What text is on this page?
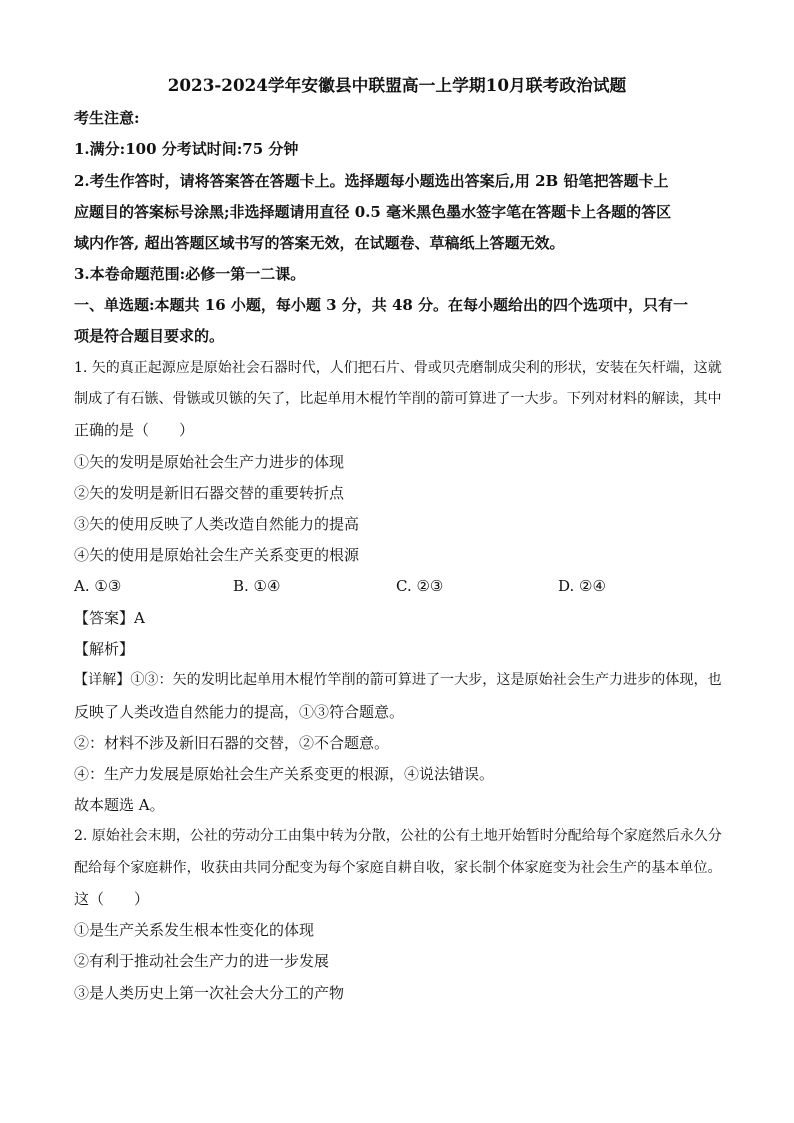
2023-2024学年安徽县中联盟高一上学期10月联考政治试题
考生注意:
1.满分:100 分考试时间:75 分钟
2.考生作答时，请将答案答在答题卡上。选择题每小题选出答案后,用 2B 铅笔把答题卡上
应题目的答案标号涂黑;非选择题请用直径 0.5 毫米黑色墨水签字笔在答题卡上各题的答区
域内作答, 超出答题区域书写的答案无效，在试题卷、草稿纸上答题无效。
3.本卷命题范围:必修一第一二课。
一、单选题:本题共 16 小题，每小题 3 分，共 48 分。在每小题给出的四个选项中，只有一
项是符合题目要求的。
1. 矢的真正起源应是原始社会石器时代，人们把石片、骨或贝壳磨制成尖利的形状，安装在矢杆端，这就
制成了有石镞、骨镞或贝镞的矢了，比起单用木棍竹竿削的箭可算进了一大步。下列对材料的解读，其中
正确的是（　　）
①矢的发明是原始社会生产力进步的体现
②矢的发明是新旧石器交替的重要转折点
③矢的使用反映了人类改造自然能力的提高
④矢的使用是原始社会生产关系变更的根源
A. ①③	B. ①④	C. ②③	D. ②④
【答案】A
【解析】
【详解】①③：矢的发明比起单用木棍竹竿削的箭可算进了一大步，这是原始社会生产力进步的体现，也
反映了人类改造自然能力的提高，①③符合题意。
②：材料不涉及新旧石器的交替，②不合题意。
④：生产力发展是原始社会生产关系变更的根源，④说法错误。
故本题选 A。
2. 原始社会末期，公社的劳动分工由集中转为分散，公社的公有土地开始暂时分配给每个家庭然后永久分
配给每个家庭耕作，收获由共同分配变为每个家庭自耕自收，家长制个体家庭变为社会生产的基本单位。
这（　　）
①是生产关系发生根本性变化的体现
②有利于推动社会生产力的进一步发展
③是人类历史上第一次社会大分工的产物
